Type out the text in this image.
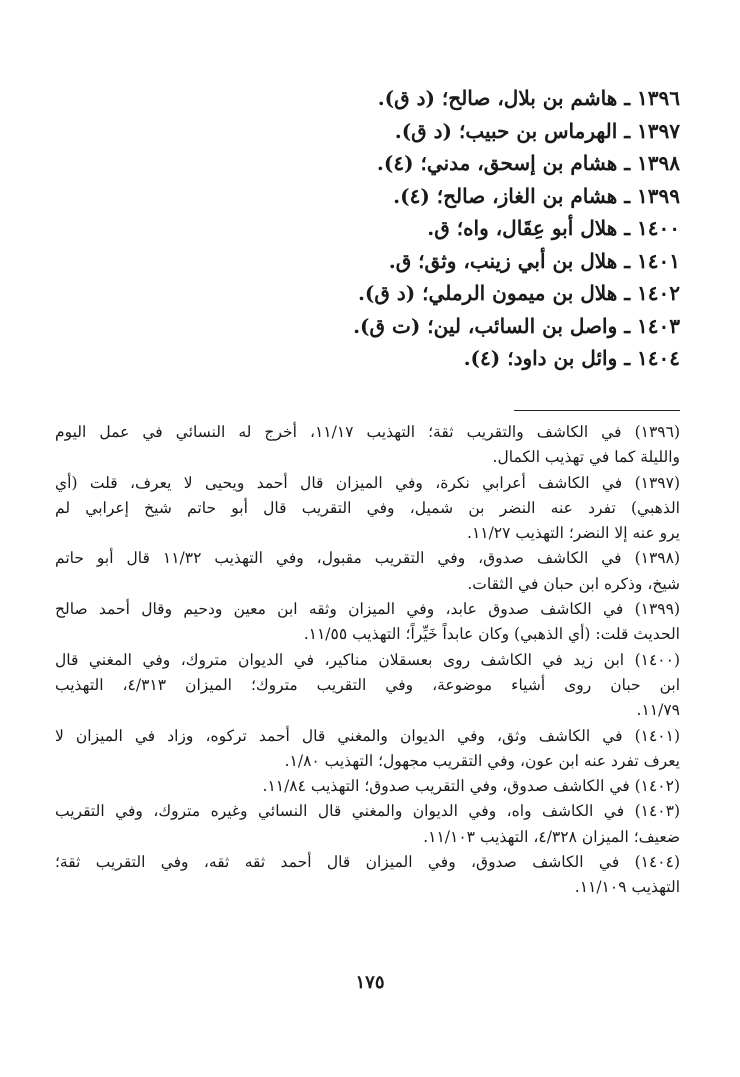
١٣٩٦ ـ هاشم بن بلال، صالح؛ (د ق).
١٣٩٧ ـ الهرماس بن حبيب؛ (د ق).
١٣٩٨ ـ هشام بن إسحق، مدني؛ (٤).
١٣٩٩ ـ هشام بن الغاز، صالح؛ (٤).
١٤٠٠ ـ هلال أبو عِقَال، واه؛ ق.
١٤٠١ ـ هلال بن أبي زينب، وثق؛ ق.
١٤٠٢ ـ هلال بن ميمون الرملي؛ (د ق).
١٤٠٣ ـ واصل بن السائب، لين؛ (ت ق).
١٤٠٤ ـ وائل بن داود؛ (٤).
(١٣٩٦) في الكاشف والتقريب ثقة؛ التهذيب ١١/١٧، أخرج له النسائي في عمل اليوم
والليلة كما في تهذيب الكمال.
(١٣٩٧) في الكاشف أعرابي نكرة، وفي الميزان قال أحمد ويحيى لا يعرف، قلت (أي
الذهبي) تفرد عنه النضر بن شميل، وفي التقريب قال أبو حاتم شيخ إعرابي لم
يرو عنه إلا النضر؛ التهذيب ١١/٢٧.
(١٣٩٨) في الكاشف صدوق، وفي التقريب مقبول، وفي التهذيب ١١/٣٢ قال أبو حاتم
شيخ، وذكره ابن حبان في الثقات.
(١٣٩٩) في الكاشف صدوق عابد، وفي الميزان وثقه ابن معين ودحيم وقال أحمد صالح
الحديث قلت: (أي الذهبي) وكان عابداً خَيِّراً؛ التهذيب ١١/٥٥.
(١٤٠٠) ابن زيد في الكاشف روى بعسقلان مناكير، في الديوان متروك، وفي المغني قال
ابن حبان روى أشياء موضوعة، وفي التقريب متروك؛ الميزان ٤/٣١٣، التهذيب
١١/٧٩.
(١٤٠١) في الكاشف وثق، وفي الديوان والمغني قال أحمد تركوه، وزاد في الميزان لا
يعرف تفرد عنه ابن عون، وفي التقريب مجهول؛ التهذيب ١/٨٠.
(١٤٠٢) في الكاشف صدوق، وفي التقريب صدوق؛ التهذيب ١١/٨٤.
(١٤٠٣) في الكاشف واه، وفي الديوان والمغني قال النسائي وغيره متروك، وفي التقريب
ضعيف؛ الميزان ٤/٣٢٨، التهذيب ١١/١٠٣.
(١٤٠٤) في الكاشف صدوق، وفي الميزان قال أحمد ثقه ثقه، وفي التقريب ثقة؛
التهذيب ١١/١٠٩.
١٧٥
